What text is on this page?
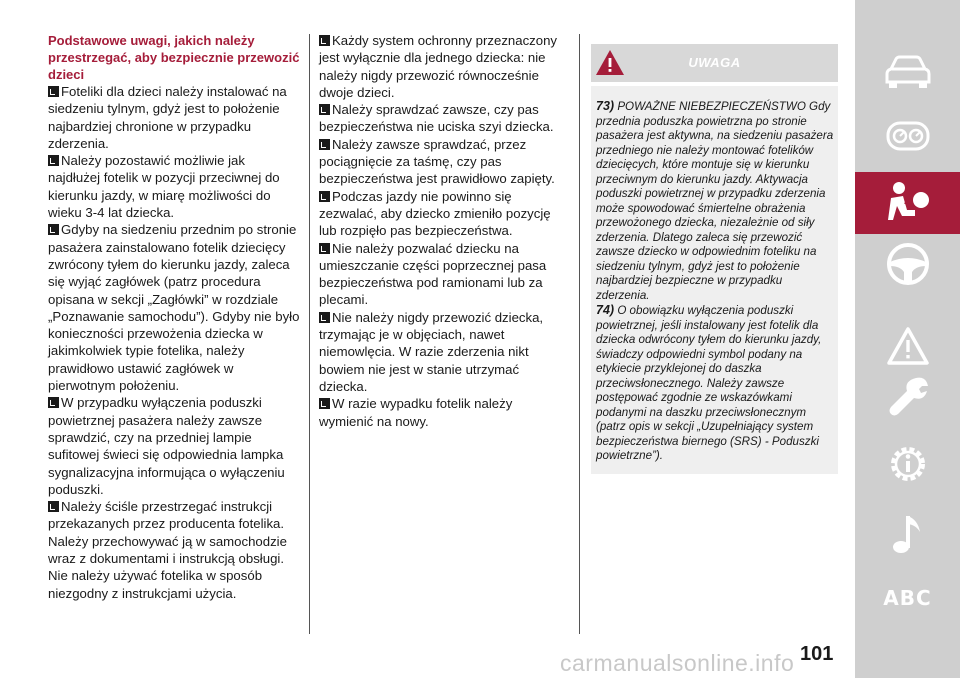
Podstawowe uwagi, jakich należy przestrzegać, aby bezpiecznie przewozić dzieci

Foteliki dla dzieci należy instalować na siedzeniu tylnym, gdyż jest to położenie najbardziej chronione w przypadku zderzenia.

Należy pozostawić możliwie jak najdłużej fotelik w pozycji przeciwnej do kierunku jazdy, w miarę możliwości do wieku 3-4 lat dziecka.

Gdyby na siedzeniu przednim po stronie pasażera zainstalowano fotelik dziecięcy zwrócony tyłem do kierunku jazdy, zaleca się wyjąć zagłówek (patrz procedura opisana w sekcji „Zagłówki” w rozdziale „Poznawanie samochodu”). Gdyby nie było konieczności przewożenia dziecka w jakimkolwiek typie fotelika, należy prawidłowo ustawić zagłówek w pierwotnym położeniu.

W przypadku wyłączenia poduszki powietrznej pasażera należy zawsze sprawdzić, czy na przedniej lampie sufitowej świeci się odpowiednia lampka sygnalizacyjna informująca o wyłączeniu poduszki.

Należy ściśle przestrzegać instrukcji przekazanych przez producenta fotelika. Należy przechowywać ją w samochodzie wraz z dokumentami i instrukcją obsługi. Nie należy używać fotelika w sposób niezgodny z instrukcjami użycia.

Każdy system ochronny przeznaczony jest wyłącznie dla jednego dziecka: nie należy nigdy przewozić równocześnie dwoje dzieci.

Należy sprawdzać zawsze, czy pas bezpieczeństwa nie uciska szyi dziecka.

Należy zawsze sprawdzać, przez pociągnięcie za taśmę, czy pas bezpieczeństwa jest prawidłowo zapięty.

Podczas jazdy nie powinno się zezwalać, aby dziecko zmieniło pozycję lub rozpięło pas bezpieczeństwa.

Nie należy pozwalać dziecku na umieszczanie części poprzecznej pasa bezpieczeństwa pod ramionami lub za plecami.

Nie należy nigdy przewozić dziecka, trzymając je w objęciach, nawet niemowlęcia. W razie zderzenia nikt bowiem nie jest w stanie utrzymać dziecka.

W razie wypadku fotelik należy wymienić na nowy.

UWAGA

73) POWAŻNE NIEBEZPIECZEŃSTWO Gdy przednia poduszka powietrzna po stronie pasażera jest aktywna, na siedzeniu pasażera przedniego nie należy montować fotelików dziecięcych, które montuje się w kierunku przeciwnym do kierunku jazdy. Aktywacja poduszki powietrznej w przypadku zderzenia może spowodować śmiertelne obrażenia przewożonego dziecka, niezależnie od siły zderzenia. Dlatego zaleca się przewozić zawsze dziecko w odpowiednim foteliku na siedzeniu tylnym, gdyż jest to położenie najbardziej bezpieczne w przypadku zderzenia.

74) O obowiązku wyłączenia poduszki powietrznej, jeśli instalowany jest fotelik dla dziecka odwrócony tyłem do kierunku jazdy, świadczy odpowiedni symbol podany na etykiecie przyklejonej do daszka przeciwsłonecznego. Należy zawsze postępować zgodnie ze wskazówkami podanymi na daszku przeciwsłonecznym (patrz opis w sekcji „Uzupełniający system bezpieczeństwa biernego (SRS) - Poduszki powietrzne”).

ABC
carmanualsonline.info 101
